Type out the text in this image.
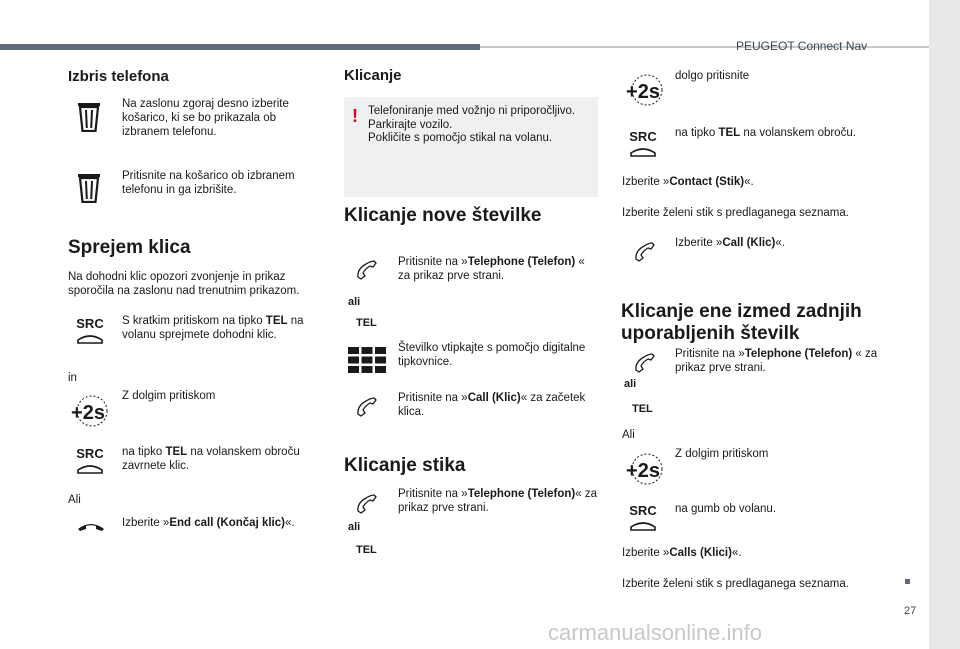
PEUGEOT Connect Nav
Izbris telefona
Na zaslonu zgoraj desno izberite košarico, ki se bo prikazala ob izbranem telefonu.
Pritisnite na košarico ob izbranem telefonu in ga izbrišite.
Sprejem klica
Na dohodni klic opozori zvonjenje in prikaz sporočila na zaslonu nad trenutnim prikazom.
SRC S kratkim pritiskom na tipko TEL na volanu sprejmete dohodni klic.
in
+2s
Z dolgim pritiskom
SRC na tipko TEL na volanskem obroču zavrnete klic.
Ali
Izberite »End call (Končaj klic)«.
Klicanje
! Telefoniranje med vožnjo ni priporočljivo.
Parkirajte vozilo.
Pokličite s pomočjo stikal na volanu.
Klicanje nove številke
ali
TEL
Pritisnite na »Telephone (Telefon) « za prikaz prve strani.
Številko vtipkajte s pomočjo digitalne tipkovnice.
Pritisnite na »Call (Klic)« za začetek klica.
Klicanje stika
ali
TEL
Pritisnite na »Telephone (Telefon)« za prikaz prve strani.
+2s
dolgo pritisnite
SRC na tipko TEL na volanskem obroču.
Izberite »Contact (Stik)«.
Izberite želeni stik s predlaganega seznama.
Izberite »Call (Klic)«.
Klicanje ene izmed zadnjih uporabljenih številk
ali
TEL
Pritisnite na »Telephone (Telefon) « za prikaz prve strani.
Ali
+2s
Z dolgim pritiskom
SRC na gumb ob volanu.
Izberite »Calls (Klici)«.
Izberite želeni stik s predlaganega seznama.
27
carmanualsonline.info
